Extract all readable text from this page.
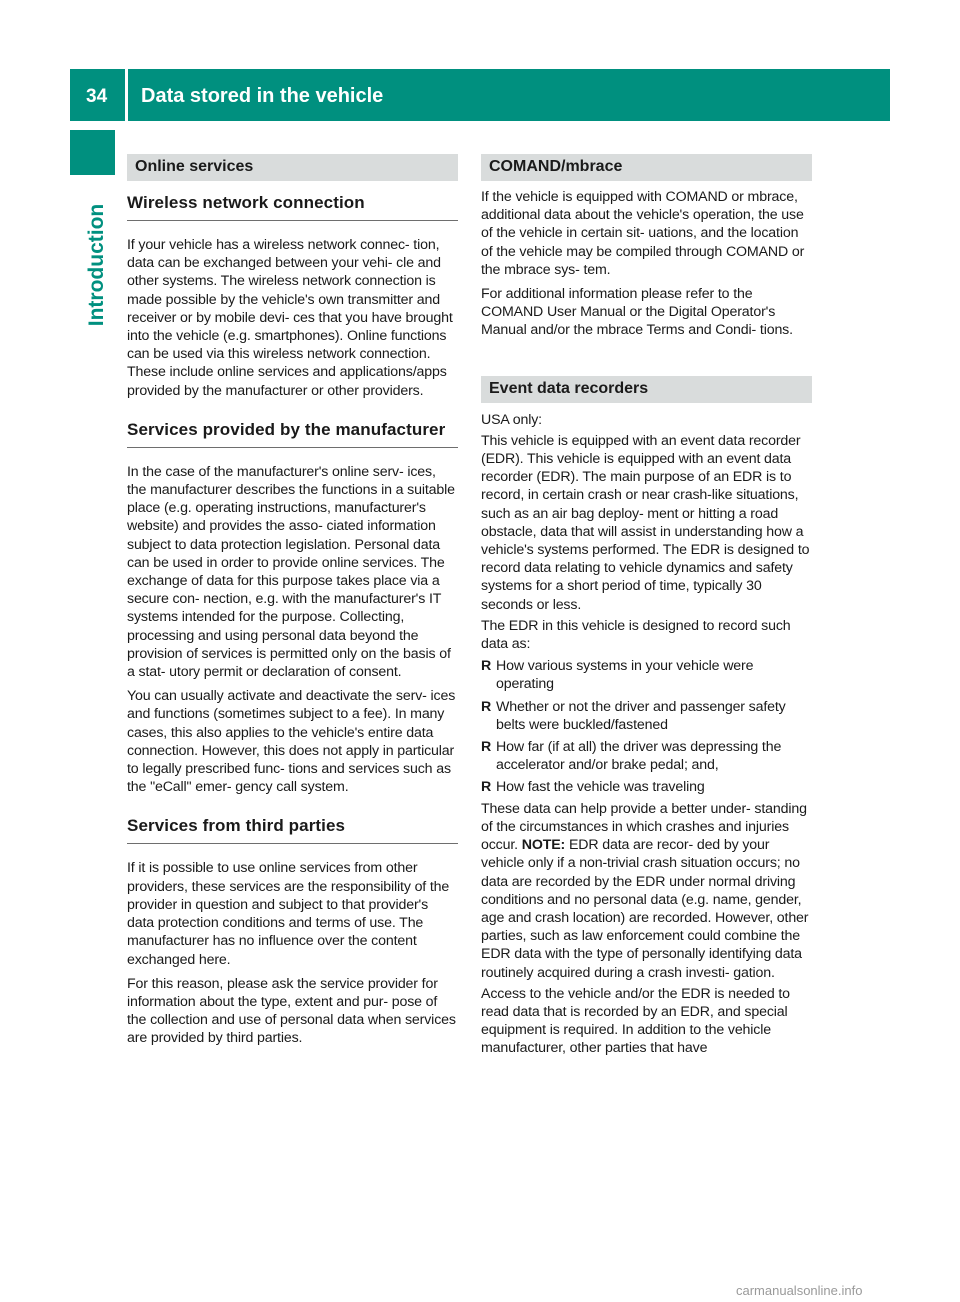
34 Data stored in the vehicle
Introduction
Online services
Wireless network connection

If your vehicle has a wireless network connec- tion, data can be exchanged between your vehi- cle and other systems. The wireless network connection is made possible by the vehicle's own transmitter and receiver or by mobile devi- ces that you have brought into the vehicle (e.g. smartphones). Online functions can be used via this wireless network connection. These include online services and applications/apps provided by the manufacturer or other providers.

Services provided by the manufacturer

In the case of the manufacturer's online serv- ices, the manufacturer describes the functions in a suitable place (e.g. operating instructions, manufacturer's website) and provides the asso- ciated information subject to data protection legislation. Personal data can be used in order to provide online services. The exchange of data for this purpose takes place via a secure con- nection, e.g. with the manufacturer's IT systems intended for the purpose. Collecting, processing and using personal data beyond the provision of services is permitted only on the basis of a stat- utory permit or declaration of consent.

You can usually activate and deactivate the serv- ices and functions (sometimes subject to a fee). In many cases, this also applies to the vehicle's entire data connection. However, this does not apply in particular to legally prescribed func- tions and services such as the "eCall" emer- gency call system.

Services from third parties

If it is possible to use online services from other providers, these services are the responsibility of the provider in question and subject to that provider's data protection conditions and terms of use. The manufacturer has no influence over the content exchanged here.

For this reason, please ask the service provider for information about the type, extent and pur- pose of the collection and use of personal data when services are provided by third parties.

COMAND/mbrace

If the vehicle is equipped with COMAND or mbrace, additional data about the vehicle's operation, the use of the vehicle in certain sit- uations, and the location of the vehicle may be compiled through COMAND or the mbrace sys- tem.

For additional information please refer to the COMAND User Manual or the Digital Operator's Manual and/or the mbrace Terms and Condi- tions.

Event data recorders

USA only:

This vehicle is equipped with an event data recorder (EDR). This vehicle is equipped with an event data recorder (EDR). The main purpose of an EDR is to record, in certain crash or near crash-like situations, such as an air bag deploy- ment or hitting a road obstacle, data that will assist in understanding how a vehicle's systems performed. The EDR is designed to record data relating to vehicle dynamics and safety systems for a short period of time, typically 30 seconds or less.

The EDR in this vehicle is designed to record such data as:

R How various systems in your vehicle were operating
R Whether or not the driver and passenger safety belts were buckled/fastened
R How far (if at all) the driver was depressing the accelerator and/or brake pedal; and,
R How fast the vehicle was traveling

These data can help provide a better under- standing of the circumstances in which crashes and injuries occur. NOTE: EDR data are recor- ded by your vehicle only if a non-trivial crash situation occurs; no data are recorded by the EDR under normal driving conditions and no personal data (e.g. name, gender, age and crash location) are recorded. However, other parties, such as law enforcement could combine the EDR data with the type of personally identifying data routinely acquired during a crash investi- gation.

Access to the vehicle and/or the EDR is needed to read data that is recorded by an EDR, and special equipment is required. In addition to the vehicle manufacturer, other parties that have

carmanualsonline.info
